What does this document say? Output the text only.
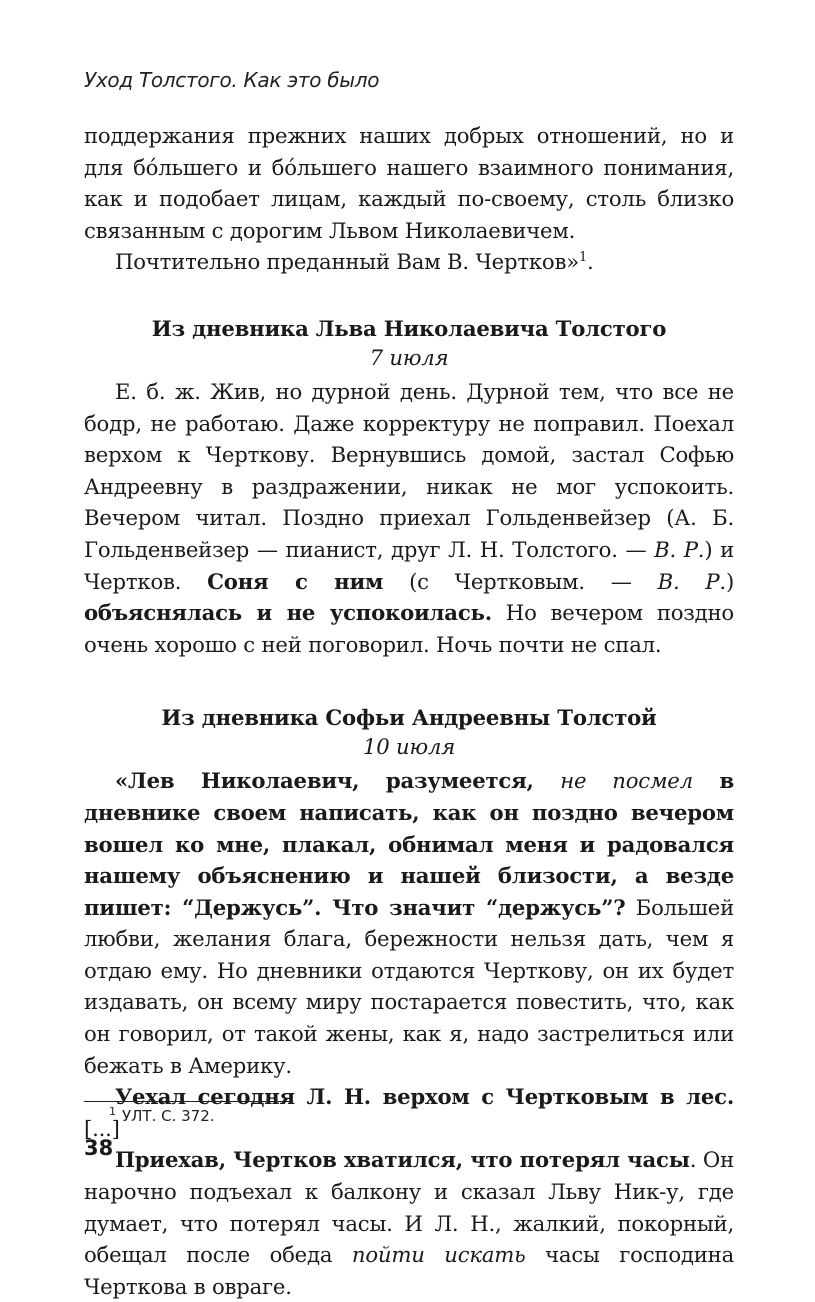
Уход Толстого. Как это было

поддержания прежних наших добрых отношений, но и для бóльшего и бóльшего нашего взаимного понимания, как и подобает лицам, каждый по-своему, столь близко связанным с дорогим Львом Николаевичем.

Почтительно преданный Вам В. Чертков»$^1$.

Из дневника Льва Николаевича Толстого

7 июля

Е. б. ж. Жив, но дурной день. Дурной тем, что все не бодр, не работаю. Даже корректуру не поправил. Поехал верхом к Черткову. Вернувшись домой, застал Софью Андреевну в раздражении, никак не мог успокоить. Вечером читал. Поздно приехал Гольденвейзер (А. Б. Гольденвейзер — пианист, друг Л. Н. Толстого. — В. Р.) и Чертков. Соня с ним (с Чертковым. — В. Р.) объяснялась и не успокоилась. Но вечером поздно очень хорошо с ней поговорил. Ночь почти не спал.

Из дневника Софьи Андреевны Толстой

10 июля

«Лев Николаевич, разумеется, не посмел в дневнике своем написать, как он поздно вечером вошел ко мне, плакал, обнимал меня и радовался нашему объяснению и нашей близости, а везде пишет: “Держусь”. Что значит “держусь”? Большей любви, желания блага, бережности нельзя дать, чем я отдаю ему. Но дневники отдаются Черткову, он их будет издавать, он всему миру постарается повестить, что, как он говорил, от такой жены, как я, надо застрелиться или бежать в Америку.

Уехал сегодня Л. Н. верхом с Чертковым в лес. [...]

Приехав, Чертков хватился, что потерял часы. Он нарочно подъехал к балкону и сказал Льву Ник-у, где думает, что потерял часы. И Л. Н., жалкий, покорный, обещал после обеда пойти искать часы господина Черткова в овраге.

$^1$ УЛТ. С. 372.
38
